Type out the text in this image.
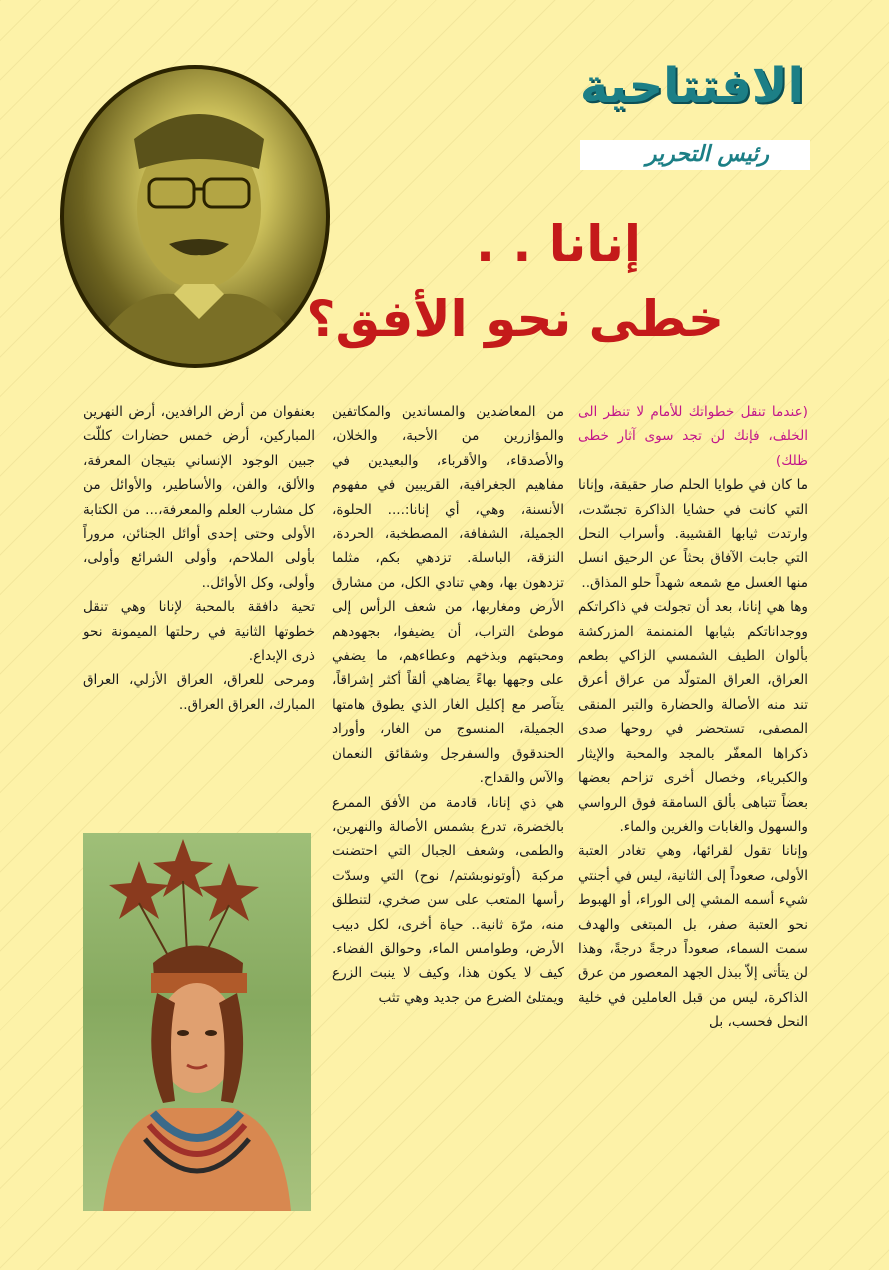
الافتتاحية
رئيس التحرير
إنانا . .
خطى نحو الأفق؟

(عندما تنقل خطواتك للأمام لا تنظر الى الخلف، فإنك لن تجد سوى آثار خطى ظلك)

ما كان في طوايا الحلم صار حقيقة، وإنانا التي كانت في حشايا الذاكرة تجسّدت، وارتدت ثيابها القشيبة. وأسراب النحل التي جابت الآفاق بحثاً عن الرحيق انسل منها العسل مع شمعه شهداً حلو المذاق..

وها هي إنانا، بعد أن تجولت في ذاكراتكم ووجداناتكم بثيابها المنمنمة المزركشة بألوان الطيف الشمسي الزاكي بطعم العراق، العراق المتولّد من عراق أعرق تند منه الأصالة والحضارة والتبر المنقى المصفى، تستحضر في روحها صدى ذكراها المعفّر بالمجد والمحبة والإيثار والكبرياء، وخصال أخرى تزاحم بعضها بعضاً تتباهى بألق السامقة فوق الرواسي والسهول والغابات والغرين والماء.

وإنانا تقول لقرائها، وهي تغادر العتبة الأولى، صعوداً إلى الثانية، ليس في أجنتي شيء أسمه المشي إلى الوراء، أو الهبوط نحو العتبة صفر، بل المبتغى والهدف سمت السماء، صعوداً درجةً درجةً، وهذا لن يتأتى إلاّ ببذل الجهد المعصور من عرق الذاكرة، ليس من قبل العاملين في خلية النحل فحسب، بل

من المعاضدين والمساندين والمكاتفين والمؤازرين من الأحبة، والخلان، والأصدقاء، والأقرباء، والبعيدين في مفاهيم الجغرافية، القريبين في مفهوم الأنسنة، وهي، أي إنانا:.... الحلوة، الجميلة، الشفافة، المصطخبة، الحردة، النزقة، الباسلة. تزدهي بكم، مثلما تزدهون بها، وهي تنادي الكل، من مشارق الأرض ومغاربها، من شعف الرأس إلى موطئ التراب، أن يضيفوا، بجهودهم ومحبتهم وبذخهم وعطاءهم، ما يضفي على وجهها بهاءً يضاهي ألقاً أكثر إشراقاً، يتآصر مع إكليل الغار الذي يطوق هامتها الجميلة، المنسوج من الغار، وأوراد الحندقوق والسفرجل وشقائق النعمان والآس والقداح.

هي ذي إنانا، قادمة من الأفق الممرع بالخضرة، تدرع بشمس الأصالة والنهرين، والطمى، وشعف الجبال التي احتضنت مركبة (أوتونوبشتم/ نوح) التي وسدّت رأسها المتعب على سن صخري، لتنطلق منه، مرّة ثانية.. حياة أخرى، لكل دبيب الأرض، وطوامس الماء، وحوالق الفضاء. كيف لا يكون هذا، وكيف لا ينبت الزرع ويمتلئ الضرع من جديد وهي تثب

بعنفوان من أرض الرافدين، أرض النهرين المباركين، أرض خمس حضارات كللّت جبين الوجود الإنساني بتيجان المعرفة، والألق، والفن، والأساطير، والأوائل من كل مشارب العلم والمعرفة،... من الكتابة الأولى وحتى إحدى أوائل الجنائن، مروراً بأولى الملاحم، وأولى الشرائع وأولى، وأولى، وكل الأوائل..

تحية دافقة بالمحبة لإنانا وهي تنقل خطوتها الثانية في رحلتها الميمونة نحو ذرى الإبداع.

ومرحى للعراق، العراق الأزلي، العراق المبارك، العراق العراق..
